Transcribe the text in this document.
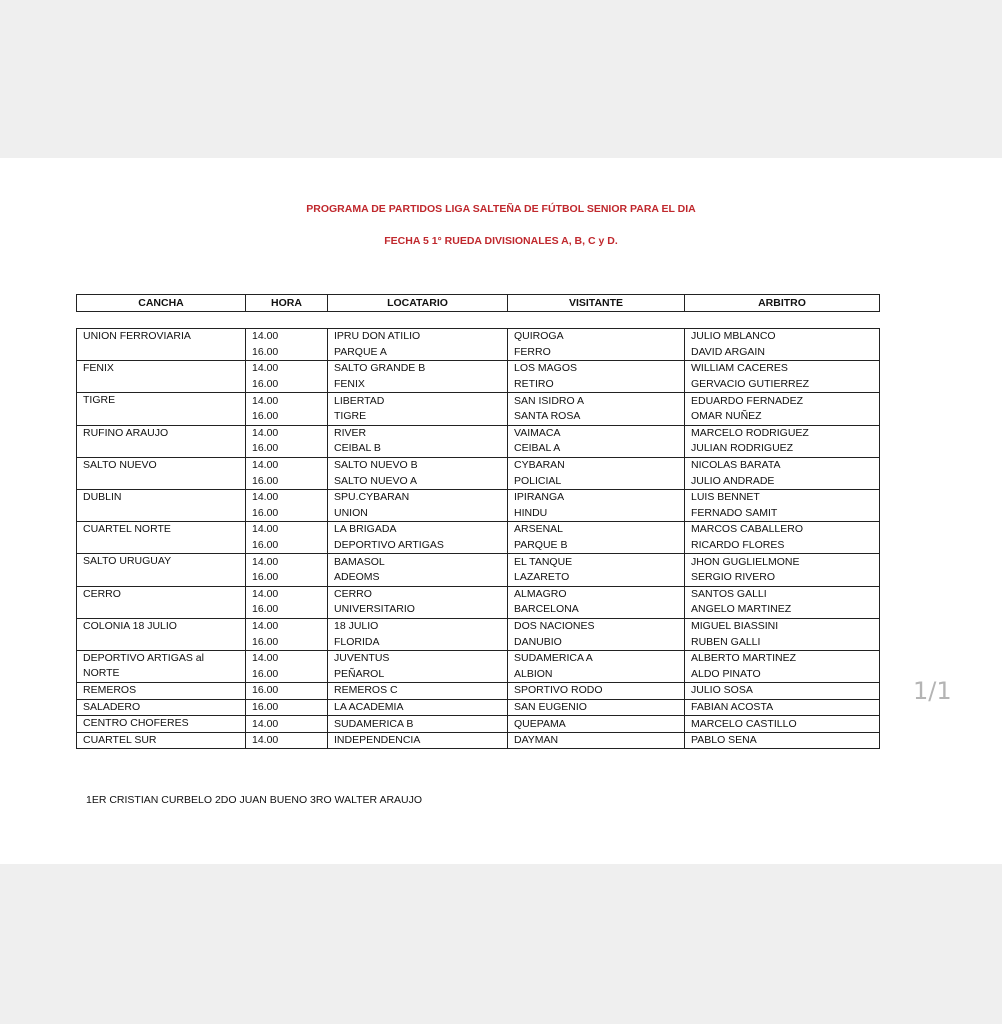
PROGRAMA DE PARTIDOS LIGA SALTEÑA DE FÚTBOL SENIOR PARA EL DIA
FECHA 5 1° RUEDA DIVISIONALES A, B, C y D.
CANCHA	HORA	LOCATARIO	VISITANTE	ARBITRO
UNION FERROVIARIA	14.00	IPRU DON ATILIO	QUIROGA	JULIO MBLANCO
	16.00	PARQUE A	FERRO	DAVID ARGAIN
FENIX	14.00	SALTO GRANDE B	LOS MAGOS	WILLIAM CACERES
	16.00	FENIX	RETIRO	GERVACIO GUTIERREZ
TIGRE	14.00	LIBERTAD	SAN ISIDRO A	EDUARDO FERNADEZ
	16.00	TIGRE	SANTA ROSA	OMAR NUÑEZ
RUFINO ARAUJO	14.00	RIVER	VAIMACA	MARCELO RODRIGUEZ
	16.00	CEIBAL B	CEIBAL A	JULIAN RODRIGUEZ
SALTO NUEVO	14.00	SALTO NUEVO B	CYBARAN	NICOLAS BARATA
	16.00	SALTO NUEVO A	POLICIAL	JULIO ANDRADE
DUBLIN	14.00	SPU.CYBARAN	IPIRANGA	LUIS BENNET
	16.00	UNION	HINDU	FERNADO SAMIT
CUARTEL NORTE	14.00	LA BRIGADA	ARSENAL	MARCOS CABALLERO
	16.00	DEPORTIVO ARTIGAS	PARQUE B	RICARDO FLORES
SALTO URUGUAY	14.00	BAMASOL	EL TANQUE	JHON GUGLIELMONE
	16.00	ADEOMS	LAZARETO	SERGIO RIVERO
CERRO	14.00	CERRO	ALMAGRO	SANTOS GALLI
	16.00	UNIVERSITARIO	BARCELONA	ANGELO MARTINEZ
COLONIA 18 JULIO	14.00	18 JULIO	DOS NACIONES	MIGUEL BIASSINI
	16.00	FLORIDA	DANUBIO	RUBEN GALLI
DEPORTIVO ARTIGAS al	14.00	JUVENTUS	SUDAMERICA A	ALBERTO MARTINEZ
NORTE	16.00	PEÑAROL	ALBION	ALDO PINATO
REMEROS	16.00	REMEROS C	SPORTIVO RODO	JULIO SOSA
SALADERO	16.00	LA ACADEMIA	SAN EUGENIO	FABIAN ACOSTA
CENTRO CHOFERES	14.00	SUDAMERICA B	QUEPAMA	MARCELO CASTILLO
CUARTEL SUR	14.00	INDEPENDENCIA	DAYMAN	PABLO SENA
1ER CRISTIAN CURBELO 2DO JUAN BUENO 3RO WALTER ARAUJO
1/1
